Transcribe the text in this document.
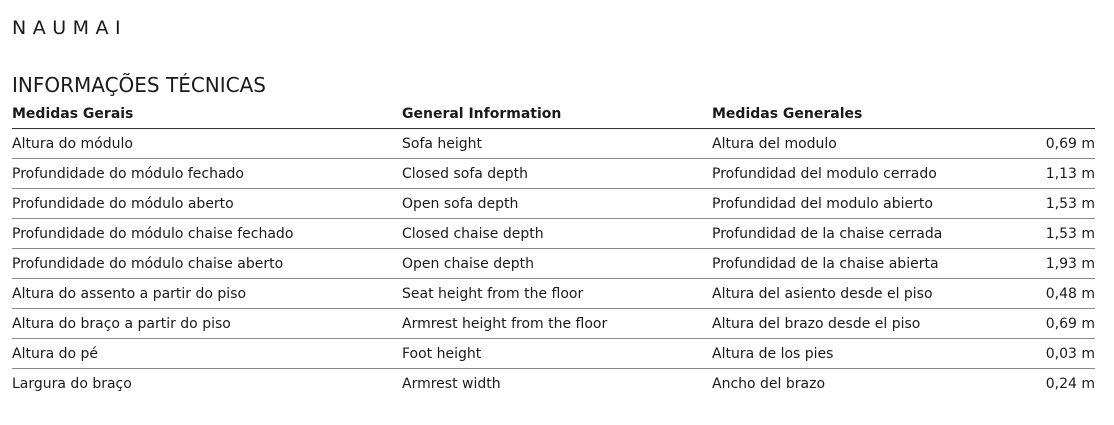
NAUMAI
INFORMAÇÕES TÉCNICAS
Medidas Gerais	General Information	Medidas Generales	
Altura do módulo	Sofa height	Altura del modulo	0,69 m
Profundidade do módulo fechado	Closed sofa depth	Profundidad del modulo cerrado	1,13 m
Profundidade do módulo aberto	Open sofa depth	Profundidad del modulo abierto	1,53 m
Profundidade do módulo chaise fechado	Closed chaise depth	Profundidad de la chaise cerrada	1,53 m
Profundidade do módulo chaise aberto	Open chaise depth	Profundidad de la chaise abierta	1,93 m
Altura do assento a partir do piso	Seat height from the floor	Altura del asiento desde el piso	0,48 m
Altura do braço a partir do piso	Armrest height from the floor	Altura del brazo desde el piso	0,69 m
Altura do pé	Foot height	Altura de los pies	0,03 m
Largura do braço	Armrest width	Ancho del brazo	0,24 m
